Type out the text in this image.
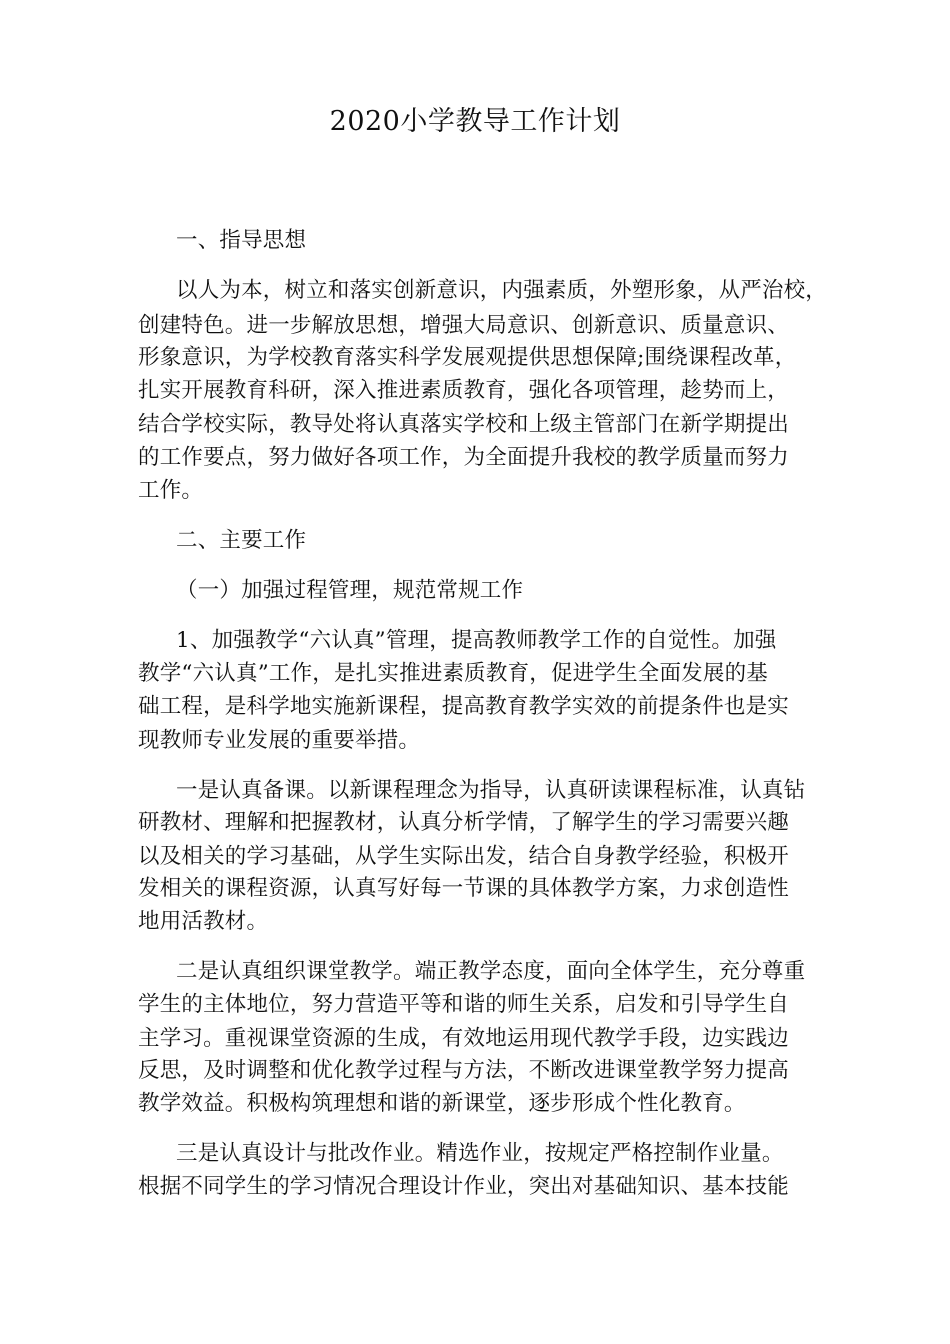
2020小学教导工作计划
一、指导思想
以人为本，树立和落实创新意识，内强素质，外塑形象，从严治校，
创建特色。进一步解放思想，增强大局意识、创新意识、质量意识、
形象意识，为学校教育落实科学发展观提供思想保障;围绕课程改革，
扎实开展教育科研，深入推进素质教育，强化各项管理，趁势而上，
结合学校实际，教导处将认真落实学校和上级主管部门在新学期提出
的工作要点，努力做好各项工作，为全面提升我校的教学质量而努力
工作。
二、主要工作
（一）加强过程管理，规范常规工作
1、加强教学“六认真”管理，提高教师教学工作的自觉性。加强
教学“六认真”工作，是扎实推进素质教育，促进学生全面发展的基
础工程，是科学地实施新课程，提高教育教学实效的前提条件也是实
现教师专业发展的重要举措。
一是认真备课。以新课程理念为指导，认真研读课程标准，认真钻
研教材、理解和把握教材，认真分析学情，了解学生的学习需要兴趣
以及相关的学习基础，从学生实际出发，结合自身教学经验，积极开
发相关的课程资源，认真写好每一节课的具体教学方案，力求创造性
地用活教材。
二是认真组织课堂教学。端正教学态度，面向全体学生，充分尊重
学生的主体地位，努力营造平等和谐的师生关系，启发和引导学生自
主学习。重视课堂资源的生成，有效地运用现代教学手段，边实践边
反思，及时调整和优化教学过程与方法，不断改进课堂教学努力提高
教学效益。积极构筑理想和谐的新课堂，逐步形成个性化教育。
三是认真设计与批改作业。精选作业，按规定严格控制作业量。
根据不同学生的学习情况合理设计作业，突出对基础知识、基本技能
